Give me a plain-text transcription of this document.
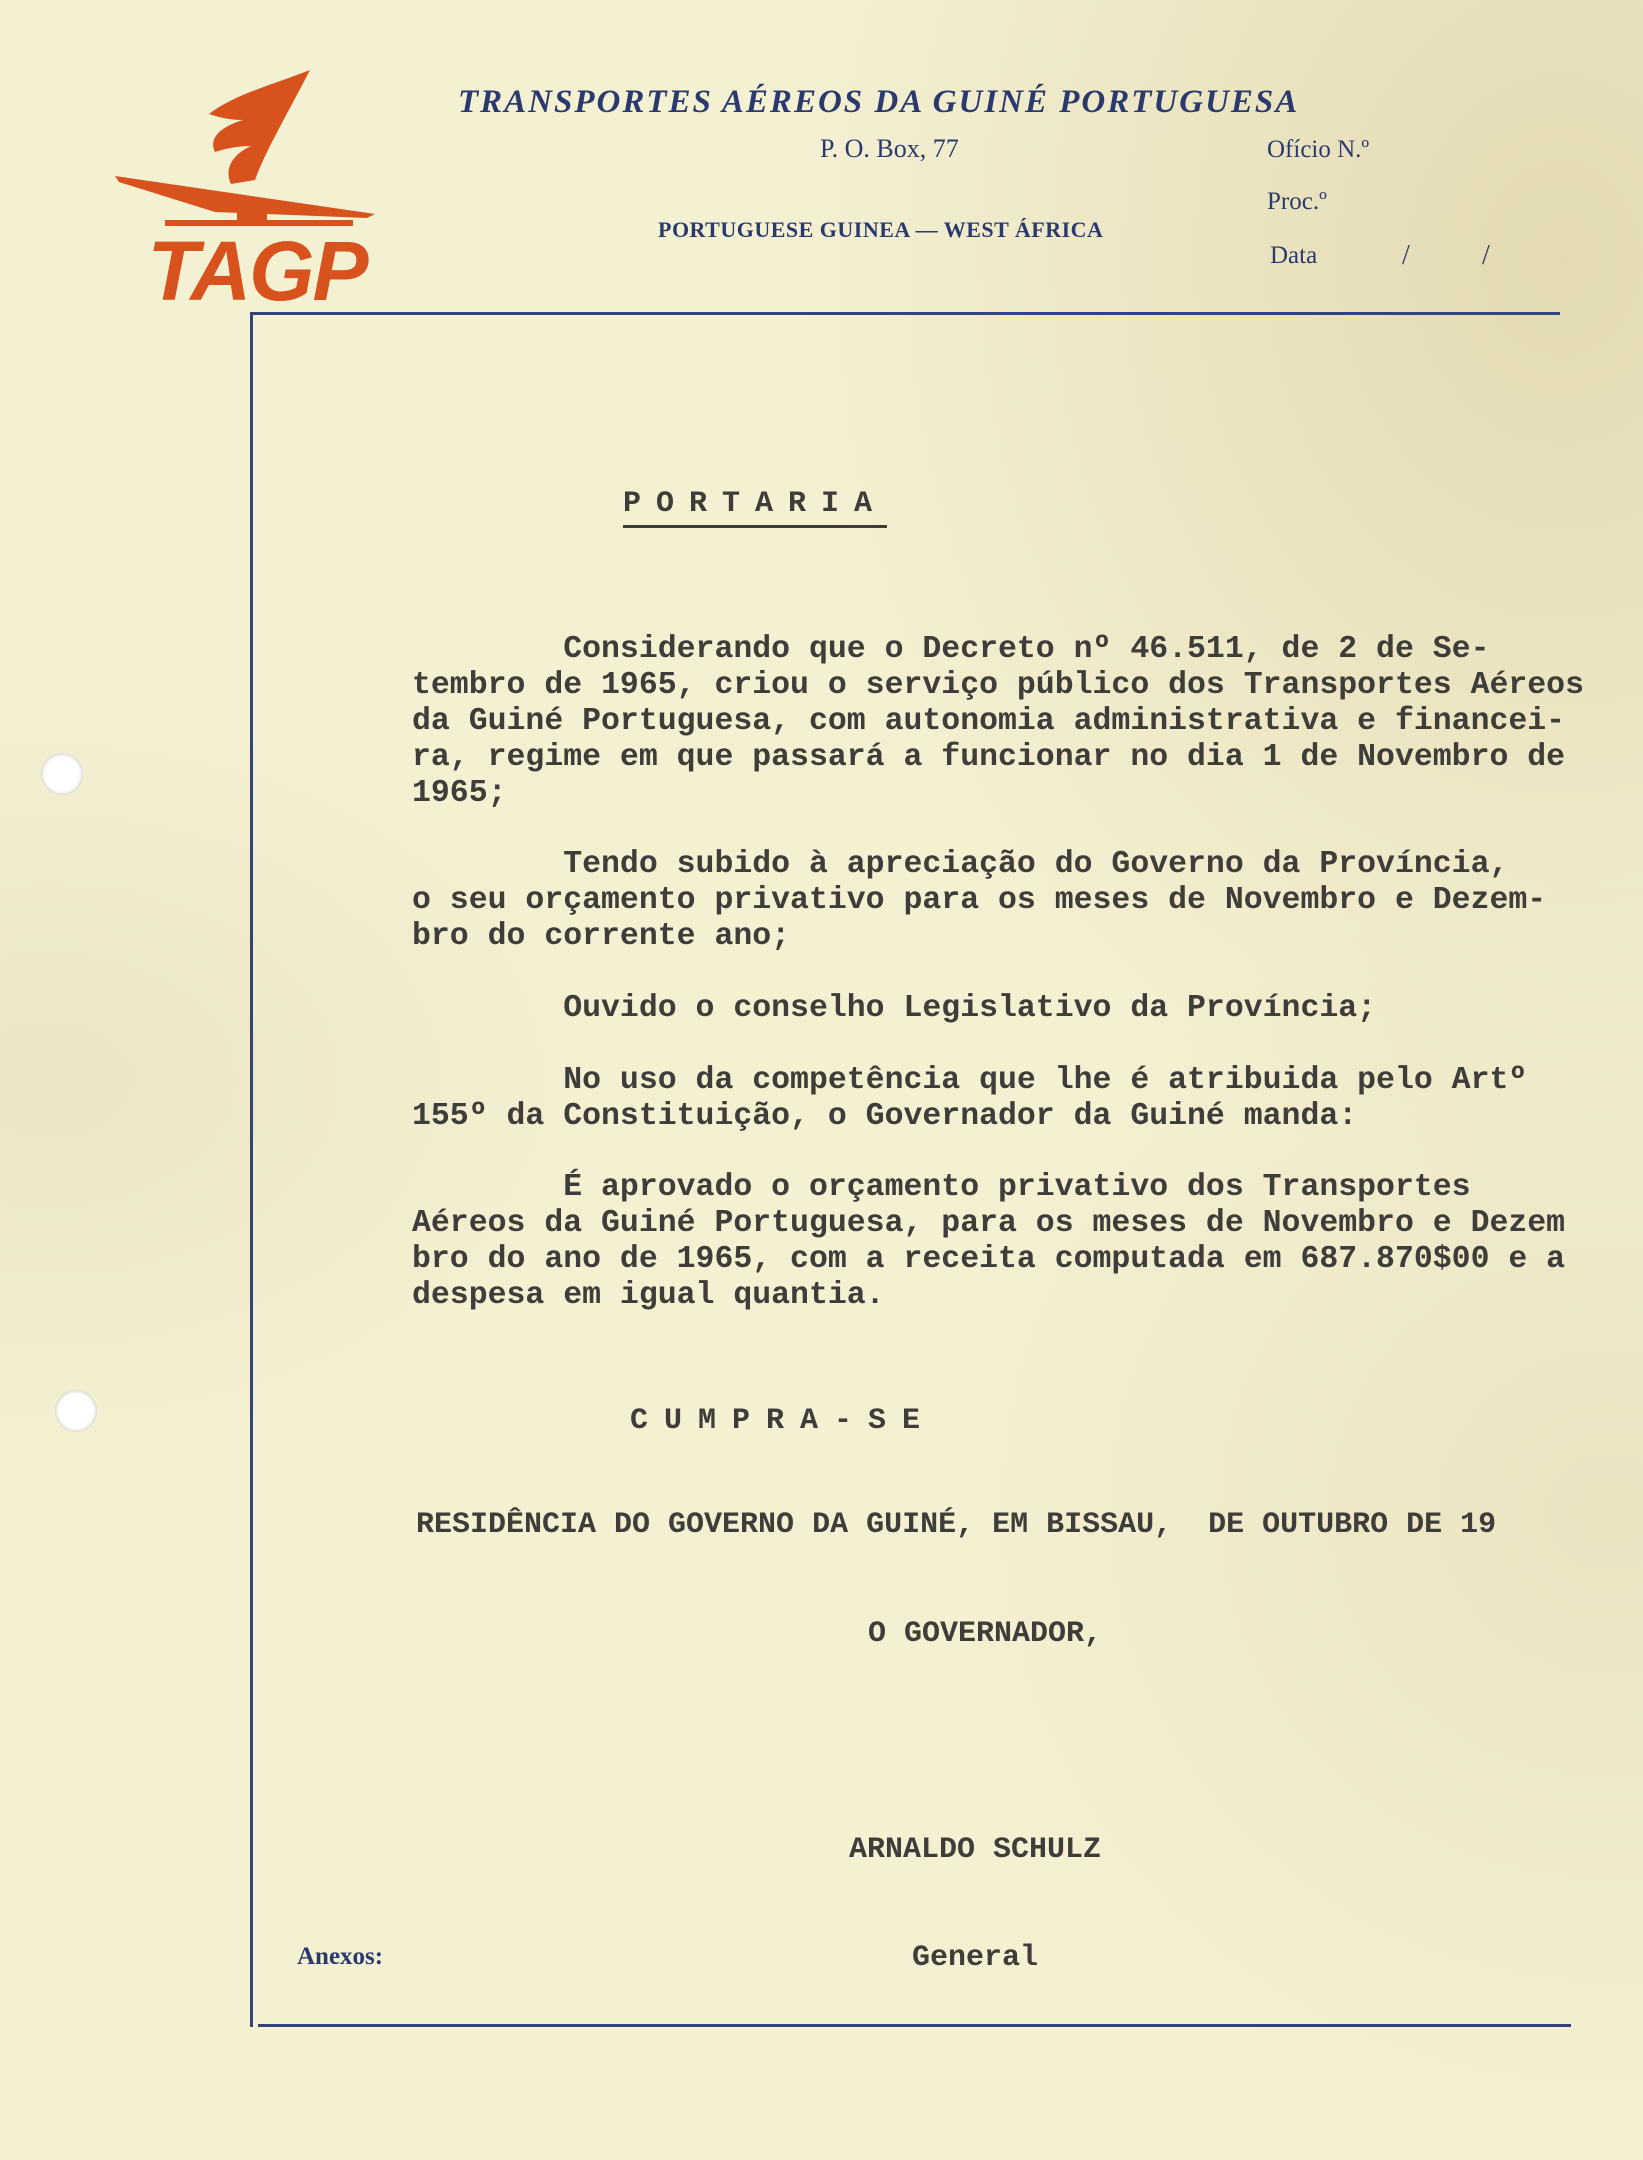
TAGP
TRANSPORTES AÉREOS DA GUINÉ PORTUGUESA

P. O. Box, 77

PORTUGUESE GUINEA — WEST ÁFRICA

Ofício N.º

Proc.º

Data	/	/

PORTARIA

Considerando que o Decreto nº 46.511, de 2 de Se-
tembro de 1965, criou o serviço público dos Transportes Aéreos
da Guiné Portuguesa, com autonomia administrativa e financei-
ra, regime em que passará a funcionar no dia 1 de Novembro de
1965;

Tendo subido à apreciação do Governo da Província,
o seu orçamento privativo para os meses de Novembro e Dezem-
bro do corrente ano;

Ouvido o conselho Legislativo da Província;

No uso da competência que lhe é atribuida pelo Artº
155º da Constituição, o Governador da Guiné manda:

É aprovado o orçamento privativo dos Transportes
Aéreos da Guiné Portuguesa, para os meses de Novembro e Dezem
bro do ano de 1965, com a receita computada em 687.870$00 e a
despesa em igual quantia.

CUMPRA-SE

RESIDÊNCIA DO GOVERNO DA GUINÉ, EM BISSAU,  DE OUTUBRO DE 19

O GOVERNADOR,

ARNALDO SCHULZ

General

Anexos:
